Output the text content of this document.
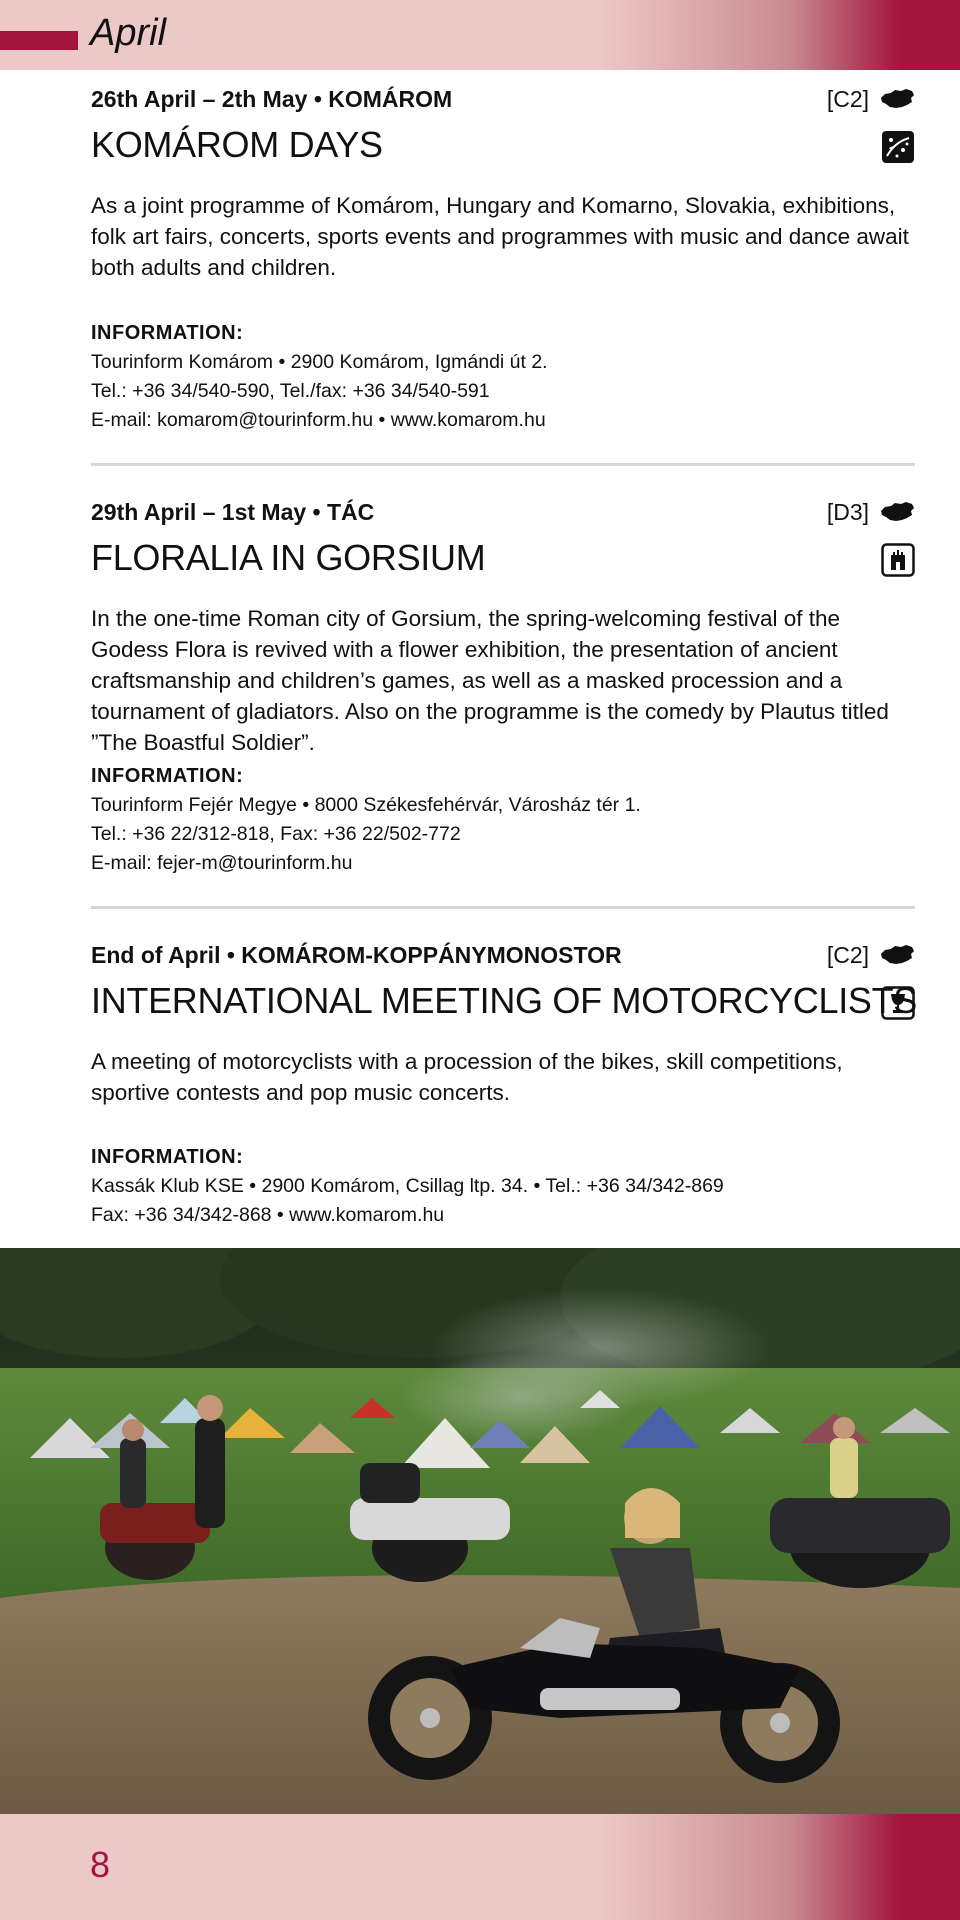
April
26th April – 2th May • KOMÁROM	[C2]
KOMÁROM DAYS
As a joint programme of Komárom, Hungary and Komarno, Slovakia, exhibitions, folk art fairs, concerts, sports events and programmes with music and dance await both adults and children.
INFORMATION:
Tourinform Komárom • 2900 Komárom, Igmándi út 2.
Tel.: +36 34/540-590, Tel./fax: +36 34/540-591
E-mail: komarom@tourinform.hu • www.komarom.hu
29th April – 1st May • TÁC	[D3]
FLORALIA IN GORSIUM
In the one-time Roman city of Gorsium, the spring-welcoming festival of the Godess Flora is revived with a flower exhibition, the presentation of ancient craftsmanship and children’s games, as well as a masked procession and a tournament of gladiators. Also on the programme is the comedy by Plautus titled ”The Boastful Soldier”.
INFORMATION:
Tourinform Fejér Megye • 8000 Székesfehérvár, Városház tér 1.
Tel.: +36 22/312-818, Fax: +36 22/502-772
E-mail: fejer-m@tourinform.hu
End of April • KOMÁROM-KOPPÁNYMONOSTOR	[C2]
INTERNATIONAL MEETING OF MOTORCYCLISTS
A meeting of motorcyclists with a procession of the bikes, skill competitions, sportive contests and pop music concerts.
INFORMATION:
Kassák Klub KSE • 2900 Komárom, Csillag ltp. 34. • Tel.: +36 34/342-869
Fax: +36 34/342-868 • www.komarom.hu
8
